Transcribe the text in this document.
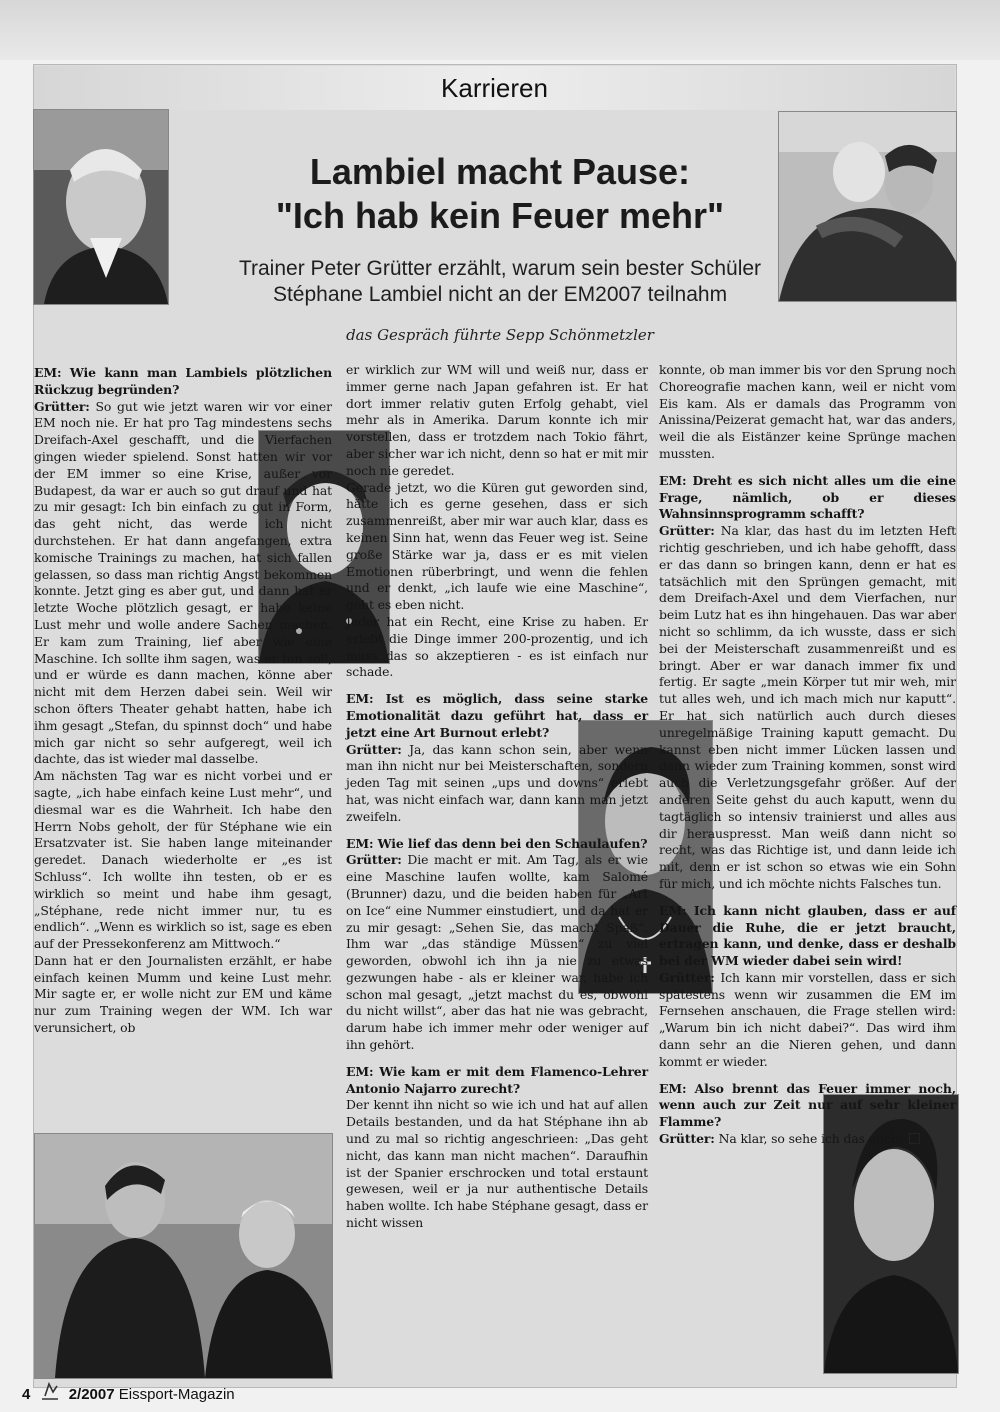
Karrieren
Lambiel macht Pause:
"Ich hab kein Feuer mehr"
Trainer Peter Grütter erzählt, warum sein bester Schüler
Stéphane Lambiel nicht an der EM2007 teilnahm
das Gespräch führte Sepp Schönmetzler

EM: Wie kann man Lambiels plötzlichen Rückzug begründen?

Grütter: So gut wie jetzt waren wir vor einer EM noch nie. Er hat pro Tag mindestens sechs Dreifach-Axel geschafft, und die Vierfachen gingen wieder spielend. Sonst hatten wir vor der EM immer so eine Krise, außer vor Budapest, da war er auch so gut drauf und hat zu mir gesagt: Ich bin einfach zu gut in Form, das geht nicht, das werde ich nicht durchstehen. Er hat dann angefangen, extra komische Trainings zu machen, hat sich fallen gelassen, so dass man richtig Angst bekommen konnte. Jetzt ging es aber gut, und dann hat er letzte Woche plötzlich gesagt, er habe keine Lust mehr und wolle andere Sachen machen. Er kam zum Training, lief aber wie eine Maschine. Ich sollte ihm sagen, was er tun soll, und er würde es dann machen, könne aber nicht mit dem Herzen dabei sein. Weil wir schon öfters Theater gehabt hatten, habe ich ihm gesagt „Stefan, du spinnst doch“ und habe mich gar nicht so sehr aufgeregt, weil ich dachte, das ist wieder mal dasselbe.

Am nächsten Tag war es nicht vorbei und er sagte, „ich habe einfach keine Lust mehr“, und diesmal war es die Wahrheit. Ich habe den Herrn Nobs geholt, der für Stéphane wie ein Ersatzvater ist. Sie haben lange miteinander geredet. Danach wiederholte er „es ist Schluss“. Ich wollte ihn testen, ob er es wirklich so meint und habe ihm gesagt, „Stéphane, rede nicht immer nur, tu es endlich“. „Wenn es wirklich so ist, sage es eben auf der Pressekonferenz am Mittwoch.“

Dann hat er den Journalisten erzählt, er habe einfach keinen Mumm und keine Lust mehr. Mir sagte er, er wolle nicht zur EM und käme nur zum Training wegen der WM. Ich war verunsichert, ob

er wirklich zur WM will und weiß nur, dass er immer gerne nach Japan gefahren ist. Er hat dort immer relativ guten Erfolg gehabt, viel mehr als in Amerika. Darum konnte ich mir vorstellen, dass er trotzdem nach Tokio fährt, aber sicher war ich nicht, denn so hat er mit mir noch nie geredet.

Gerade jetzt, wo die Küren gut geworden sind, hätte ich es gerne gesehen, dass er sich zusammenreißt, aber mir war auch klar, dass es keinen Sinn hat, wenn das Feuer weg ist. Seine große Stärke war ja, dass er es mit vielen Emotionen rüberbringt, und wenn die fehlen und er denkt, „ich laufe wie eine Maschine“, geht es eben nicht.

Jeder hat ein Recht, eine Krise zu haben. Er erlebt die Dinge immer 200-prozentig, und ich muss das so akzeptieren - es ist einfach nur schade.

EM: Ist es möglich, dass seine starke Emotionalität dazu geführt hat, dass er jetzt eine Art Burnout erlebt?

Grütter: Ja, das kann schon sein, aber wenn man ihn nicht nur bei Meisterschaften, sondern jeden Tag mit seinen „ups und downs“ erlebt hat, was nicht einfach war, dann kann man jetzt zweifeln.

EM: Wie lief das denn bei den Schaulaufen?

Grütter: Die macht er mit. Am Tag, als er wie eine Maschine laufen wollte, kam Salomé (Brunner) dazu, und die beiden haben für „Art on Ice“ eine Nummer einstudiert, und da hat er zu mir gesagt: „Sehen Sie, das macht Spaß“. Ihm war „das ständige Müssen“ zu viel geworden, obwohl ich ihn ja nie zu etwas gezwungen habe - als er kleiner war, habe ich schon mal gesagt, „jetzt machst du es, obwohl du nicht willst“, aber das hat nie was gebracht, darum habe ich immer mehr oder weniger auf ihn gehört.

EM: Wie kam er mit dem Flamenco-Lehrer Antonio Najarro zurecht?

Der kennt ihn nicht so wie ich und hat auf allen Details bestanden, und da hat Stéphane ihn ab und zu mal so richtig angeschrieen: „Das geht nicht, das kann man nicht machen“. Daraufhin ist der Spanier erschrocken und total erstaunt gewesen, weil er ja nur authentische Details haben wollte. Ich habe Stéphane gesagt, dass er nicht wissen

konnte, ob man immer bis vor den Sprung noch Choreografie machen kann, weil er nicht vom Eis kam. Als er damals das Programm von Anissina/Peizerat gemacht hat, war das anders, weil die als Eistänzer keine Sprünge machen mussten.

EM: Dreht es sich nicht alles um die eine Frage, nämlich, ob er dieses Wahnsinnsprogramm schafft?

Grütter: Na klar, das hast du im letzten Heft richtig geschrieben, und ich habe gehofft, dass er das dann so bringen kann, denn er hat es tatsächlich mit den Sprüngen gemacht, mit dem Dreifach-Axel und dem Vierfachen, nur beim Lutz hat es ihn hingehauen. Das war aber nicht so schlimm, da ich wusste, dass er sich bei der Meisterschaft zusammenreißt und es bringt. Aber er war danach immer fix und fertig. Er sagte „mein Körper tut mir weh, mir tut alles weh, und ich mach mich nur kaputt“. Er hat sich natürlich auch durch dieses unregelmäßige Training kaputt gemacht. Du kannst eben nicht immer Lücken lassen und dann wieder zum Training kommen, sonst wird auch die Verletzungsgefahr größer. Auf der anderen Seite gehst du auch kaputt, wenn du tagtäglich so intensiv trainierst und alles aus dir herauspresst. Man weiß dann nicht so recht, was das Richtige ist, und dann leide ich mit, denn er ist schon so etwas wie ein Sohn für mich, und ich möchte nichts Falsches tun.

EM: Ich kann nicht glauben, dass er auf Dauer die Ruhe, die er jetzt braucht, ertragen kann, und denke, dass er deshalb bei der WM wieder dabei sein wird!

Grütter: Ich kann mir vorstellen, dass er sich spätestens wenn wir zusammen die EM im Fernsehen anschauen, die Frage stellen wird: „Warum bin ich nicht dabei?“. Das wird ihm dann sehr an die Nieren gehen, und dann kommt er wieder.

EM: Also brennt das Feuer immer noch, wenn auch zur Zeit nur auf sehr kleiner Flamme?

Grütter: Na klar, so sehe ich das auch!

4	2/2007 Eissport-Magazin
